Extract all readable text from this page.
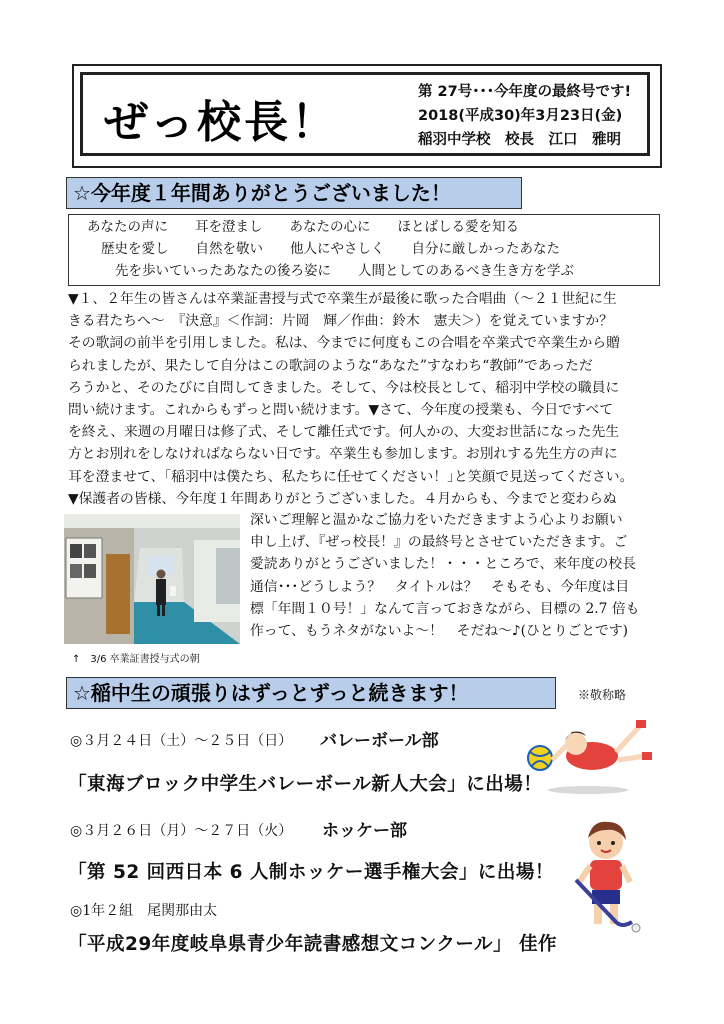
ぜっ校長！
第 27号･･･今年度の最終号です!
2018(平成30)年3月23日(金)
稲羽中学校　校長　江口　雅明
☆今年度１年間ありがとうございました！
あなたの声に　　耳を澄まし　　あなたの心に　　ほとばしる愛を知る
歴史を愛し　　自然を敬い　　他人にやさしく　　自分に厳しかったあなた
先を歩いていったあなたの後ろ姿に　　人間としてのあるべき生き方を学ぶ
▼１、２年生の皆さんは卒業証書授与式で卒業生が最後に歌った合唱曲（～２１世紀に生
きる君たちへ～　『決意』＜作詞：片岡　輝／作曲：鈴木　憲夫＞）を覚えていますか？
その歌詞の前半を引用しました。私は、今までに何度もこの合唱を卒業式で卒業生から贈
られましたが、果たして自分はこの歌詞のような“あなた”すなわち“教師”であっただ
ろうかと、そのたびに自問してきました。そして、今は校長として、稲羽中学校の職員に
問い続けます。これからもずっと問い続けます。▼さて、今年度の授業も、今日ですべて
を終え、来週の月曜日は修了式、そして離任式です。何人かの、大変お世話になった先生
方とお別れをしなければならない日です。卒業生も参加します。お別れする先生方の声に
耳を澄ませて、｢稲羽中は僕たち、私たちに任せてください！｣と笑顔で見送ってください。
▼保護者の皆様、今年度１年間ありがとうございました。４月からも、今までと変わらぬ
深いご理解と温かなご協力をいただきますよう心よりお願い
申し上げ、『ぜっ校長！』の最終号とさせていただきます。ご
愛読ありがとうございました！・・・ところで、来年度の校長
通信･･･どうしよう？　タイトルは？　そもそも、今年度は目
標「年間１０号！」なんて言っておきながら、目標の 2.7 倍も
作って、もうネタがないよ～！　そだね～♪(ひとりごとです)
↑　3/6 卒業証書授与式の朝
☆稲中生の頑張りはずっとずっと続きます！	※敬称略
◎３月２４日（土）～２５日（日） バレーボール部
「東海ブロック中学生バレーボール新人大会」に出場！
◎３月２６日（月）～２７日（火） ホッケー部
「第 52 回西日本 6 人制ホッケー選手権大会」に出場！
◎1年２組　尾関那由太
「平成29年度岐阜県青少年読書感想文コンクール」 佳作
